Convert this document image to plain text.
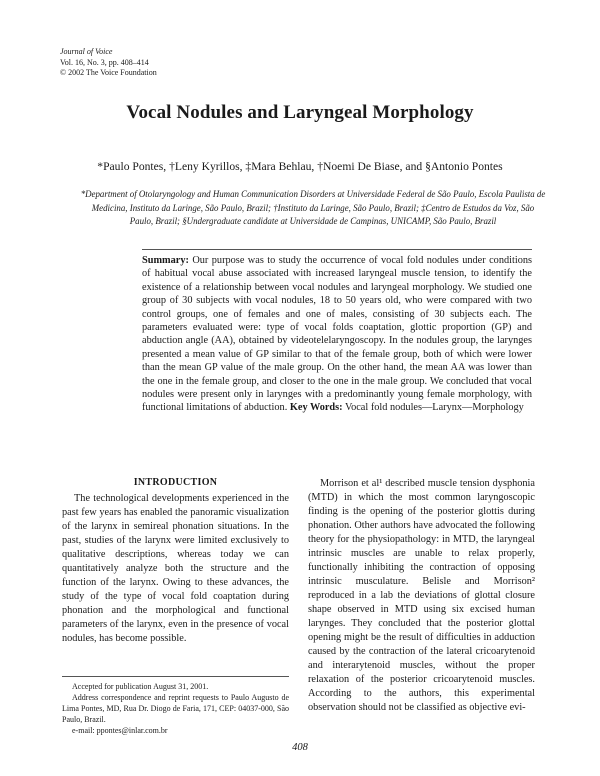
Journal of Voice
Vol. 16, No. 3, pp. 408–414
© 2002 The Voice Foundation
Vocal Nodules and Laryngeal Morphology
*Paulo Pontes, †Leny Kyrillos, ‡Mara Behlau, †Noemi De Biase, and §Antonio Pontes
*Department of Otolaryngology and Human Communication Disorders at Universidade Federal de São Paulo, Escola Paulista de Medicina, Instituto da Laringe, São Paulo, Brazil; †Instituto da Laringe, São Paulo, Brazil; ‡Centro de Estudos da Voz, São Paulo, Brazil; §Undergraduate candidate at Universidade de Campinas, UNICAMP, São Paulo, Brazil
Summary: Our purpose was to study the occurrence of vocal fold nodules under conditions of habitual vocal abuse associated with increased laryngeal muscle tension, to identify the existence of a relationship between vocal nodules and laryngeal morphology. We studied one group of 30 subjects with vocal nodules, 18 to 50 years old, who were compared with two control groups, one of females and one of males, consisting of 30 subjects each. The parameters evaluated were: type of vocal folds coaptation, glottic proportion (GP) and abduction angle (AA), obtained by videotelelaryngoscopy. In the nodules group, the larynges presented a mean value of GP similar to that of the female group, both of which were lower than the mean GP value of the male group. On the other hand, the mean AA was lower than the one in the female group, and closer to the one in the male group. We concluded that vocal nodules were present only in larynges with a predominantly young female morphology, with functional limitations of abduction. Key Words: Vocal fold nodules—Larynx—Morphology
INTRODUCTION

The technological developments experienced in the past few years has enabled the panoramic visualization of the larynx in semireal phonation situations. In the past, studies of the larynx were limited exclusively to qualitative descriptions, whereas today we can quantitatively analyze both the structure and the function of the larynx. Owing to these advances, the study of the type of vocal fold coaptation during phonation and the morphological and functional parameters of the larynx, even in the presence of vocal nodules, has become possible.

Morrison et al¹ described muscle tension dysphonia (MTD) in which the most common laryngoscopic finding is the opening of the posterior glottis during phonation. Other authors have advocated the following theory for the physiopathology: in MTD, the laryngeal intrinsic muscles are unable to relax properly, functionally inhibiting the contraction of opposing intrinsic musculature. Belisle and Morrison² reproduced in a lab the deviations of glottal closure shape observed in MTD using six excised human larynges. They concluded that the posterior glottal opening might be the result of difficulties in adduction caused by the contraction of the lateral cricoarytenoid and interarytenoid muscles, without the proper relaxation of the posterior cricoarytenoid muscles. According to the authors, this experimental observation should not be classified as objective evi-

Accepted for publication August 31, 2001.

Address correspondence and reprint requests to Paulo Augusto de Lima Pontes, MD, Rua Dr. Diogo de Faria, 171, CEP: 04037-000, São Paulo, Brazil.

e-mail: ppontes@inlar.com.br

408
